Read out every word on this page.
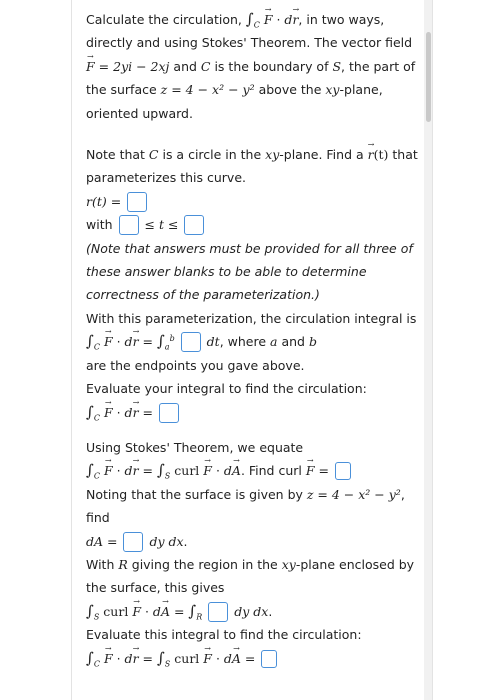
Calculate the circulation, $\int_C \to F \cdot d\to r$, in two ways, directly and using Stokes' Theorem. The vector field → F = 2yi − 2xj and C is the boundary of S, the part of the surface z = 4 − x² − y² above the xy-plane, oriented upward.

Note that C is a circle in the xy-plane. Find a → r(t) that parameterizes this curve.

r(t) =

with	≤ t ≤

(Note that answers must be provided for all three of these answer blanks to be able to determine correctness of the parameterization.)

With this parameterization, the circulation integral is

$\int_C \to F \cdot d\to r = \int_a^b$	dt, where a and b

are the endpoints you gave above.

Evaluate your integral to find the circulation:

$\int_C \to F \cdot d\to r$ =

Using Stokes' Theorem, we equate

$\int_C \to F \cdot d\to r = \int_S$ curl → F · d→ A. Find curl → F =

Noting that the surface is given by z = 4 − x² − y²,

find

dA =	dy dx.

With R giving the region in the xy-plane enclosed by the surface, this gives

$\int_S$ curl → $F \cdot d\to A = \int_R$	dy dx.

Evaluate this integral to find the circulation:

$\int_C \to F \cdot d\to r = \int_S$ curl → F · d→ A =
